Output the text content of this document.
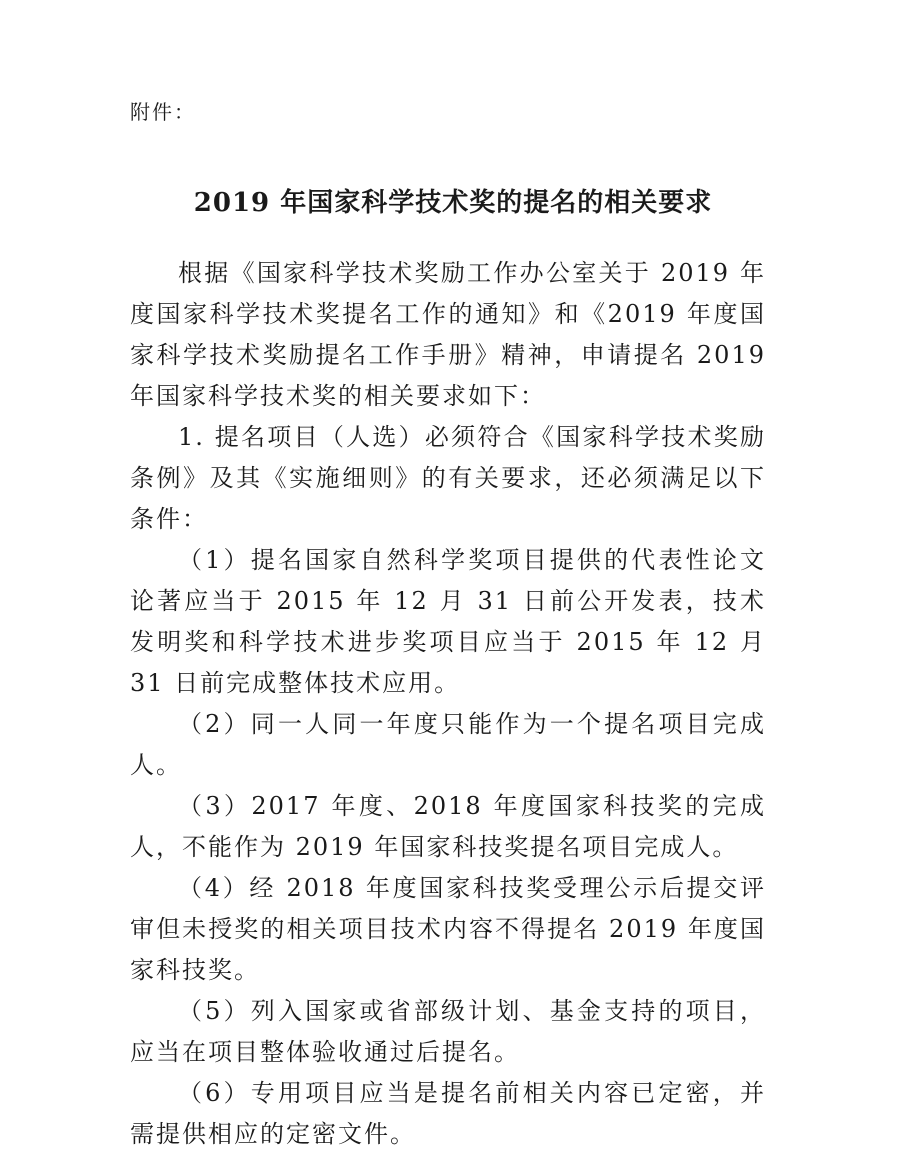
附件：
2019 年国家科学技术奖的提名的相关要求

根据《国家科学技术奖励工作办公室关于 2019 年度国家科学技术奖提名工作的通知》和《2019 年度国家科学技术奖励提名工作手册》精神，申请提名 2019 年国家科学技术奖的相关要求如下：

1. 提名项目（人选）必须符合《国家科学技术奖励条例》及其《实施细则》的有关要求，还必须满足以下条件：

（1）提名国家自然科学奖项目提供的代表性论文论著应当于 2015 年 12 月 31 日前公开发表，技术发明奖和科学技术进步奖项目应当于 2015 年 12 月 31 日前完成整体技术应用。

（2）同一人同一年度只能作为一个提名项目完成人。

（3）2017 年度、2018 年度国家科技奖的完成人，不能作为 2019 年国家科技奖提名项目完成人。

（4）经 2018 年度国家科技奖受理公示后提交评审但未授奖的相关项目技术内容不得提名 2019 年度国家科技奖。

（5）列入国家或省部级计划、基金支持的项目，应当在项目整体验收通过后提名。

（6）专用项目应当是提名前相关内容已定密，并需提供相应的定密文件。
